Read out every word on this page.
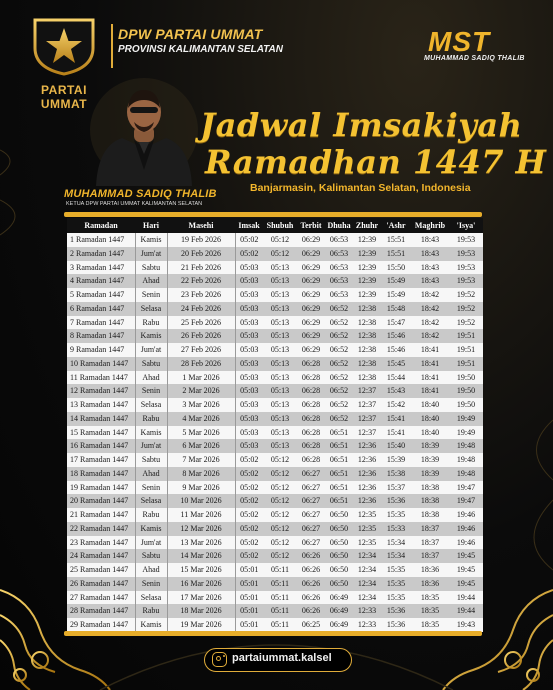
PARTAI UMMAT
DPW PARTAI UMMAT
PROVINSI KALIMANTAN SELATAN	MST
MUHAMMAD SADIQ THALIB
MUHAMMAD SADIQ THALIB
KETUA DPW PARTAI UMMAT KALIMANTAN SELATAN
Jadwal Imsakiyah
Ramadhan 1447 H
Banjarmasin, Kalimantan Selatan, Indonesia
Ramadan	Hari	Masehi	Imsak	Shubuh	Terbit	Dhuha	Zhuhr	'Ashr	Maghrib	'Isya'
1 Ramadan 1447	Kamis	19 Feb 2026	05:02	05:12	06:29	06:53	12:39	15:51	18:43	19:53
2 Ramadan 1447	Jum'at	20 Feb 2026	05:02	05:12	06:29	06:53	12:39	15:51	18:43	19:53
3 Ramadan 1447	Sabtu	21 Feb 2026	05:03	05:13	06:29	06:53	12:39	15:50	18:43	19:53
4 Ramadan 1447	Ahad	22 Feb 2026	05:03	05:13	06:29	06:53	12:39	15:49	18:43	19:53
5 Ramadan 1447	Senin	23 Feb 2026	05:03	05:13	06:29	06:53	12:39	15:49	18:42	19:52
6 Ramadan 1447	Selasa	24 Feb 2026	05:03	05:13	06:29	06:52	12:38	15:48	18:42	19:52
7 Ramadan 1447	Rabu	25 Feb 2026	05:03	05:13	06:29	06:52	12:38	15:47	18:42	19:52
8 Ramadan 1447	Kamis	26 Feb 2026	05:03	05:13	06:29	06:52	12:38	15:46	18:42	19:51
9 Ramadan 1447	Jum'at	27 Feb 2026	05:03	05:13	06:29	06:52	12:38	15:46	18:41	19:51
10 Ramadan 1447	Sabtu	28 Feb 2026	05:03	05:13	06:28	06:52	12:38	15:45	18:41	19:51
11 Ramadan 1447	Ahad	1 Mar 2026	05:03	05:13	06:28	06:52	12:38	15:44	18:41	19:50
12 Ramadan 1447	Senin	2 Mar 2026	05:03	05:13	06:28	06:52	12:37	15:43	18:41	19:50
13 Ramadan 1447	Selasa	3 Mar 2026	05:03	05:13	06:28	06:52	12:37	15:42	18:40	19:50
14 Ramadan 1447	Rabu	4 Mar 2026	05:03	05:13	06:28	06:52	12:37	15:41	18:40	19:49
15 Ramadan 1447	Kamis	5 Mar 2026	05:03	05:13	06:28	06:51	12:37	15:41	18:40	19:49
16 Ramadan 1447	Jum'at	6 Mar 2026	05:03	05:13	06:28	06:51	12:36	15:40	18:39	19:48
17 Ramadan 1447	Sabtu	7 Mar 2026	05:02	05:12	06:28	06:51	12:36	15:39	18:39	19:48
18 Ramadan 1447	Ahad	8 Mar 2026	05:02	05:12	06:27	06:51	12:36	15:38	18:39	19:48
19 Ramadan 1447	Senin	9 Mar 2026	05:02	05:12	06:27	06:51	12:36	15:37	18:38	19:47
20 Ramadan 1447	Selasa	10 Mar 2026	05:02	05:12	06:27	06:51	12:36	15:36	18:38	19:47
21 Ramadan 1447	Rabu	11 Mar 2026	05:02	05:12	06:27	06:50	12:35	15:35	18:38	19:46
22 Ramadan 1447	Kamis	12 Mar 2026	05:02	05:12	06:27	06:50	12:35	15:33	18:37	19:46
23 Ramadan 1447	Jum'at	13 Mar 2026	05:02	05:12	06:27	06:50	12:35	15:34	18:37	19:46
24 Ramadan 1447	Sabtu	14 Mar 2026	05:02	05:12	06:26	06:50	12:34	15:34	18:37	19:45
25 Ramadan 1447	Ahad	15 Mar 2026	05:01	05:11	06:26	06:50	12:34	15:35	18:36	19:45
26 Ramadan 1447	Senin	16 Mar 2026	05:01	05:11	06:26	06:50	12:34	15:35	18:36	19:45
27 Ramadan 1447	Selasa	17 Mar 2026	05:01	05:11	06:26	06:49	12:34	15:35	18:35	19:44
28 Ramadan 1447	Rabu	18 Mar 2026	05:01	05:11	06:26	06:49	12:33	15:36	18:35	19:44
29 Ramadan 1447	Kamis	19 Mar 2026	05:01	05:11	06:25	06:49	12:33	15:36	18:35	19:43
partaiummat.kalsel
